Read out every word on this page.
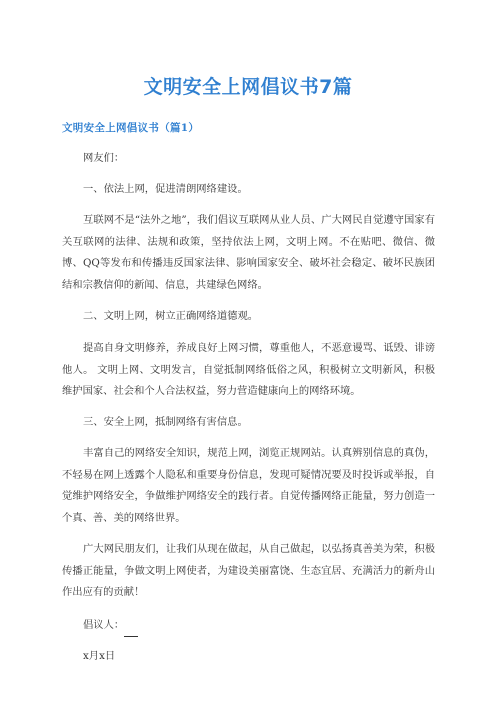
文明安全上网倡议书7篇
文明安全上网倡议书（篇1）

网友们：

一、依法上网，促进清朗网络建设。

互联网不是“法外之地”，我们倡议互联网从业人员、广大网民自觉遵守国家有关互联网的法律、法规和政策，坚持依法上网，文明上网。不在贴吧、微信、微博、QQ等发布和传播违反国家法律、影响国家安全、破坏社会稳定、破坏民族团结和宗教信仰的新闻、信息，共建绿色网络。

二、文明上网，树立正确网络道德观。

提高自身文明修养，养成良好上网习惯，尊重他人，不恶意谩骂、诋毁、诽谤他人。 文明上网、文明发言，自觉抵制网络低俗之风，积极树立文明新风，积极维护国家、社会和个人合法权益，努力营造健康向上的网络环境。

三、安全上网，抵制网络有害信息。

丰富自己的网络安全知识，规范上网，浏览正规网站。认真辨别信息的真伪，不轻易在网上透露个人隐私和重要身份信息，发现可疑情况要及时投诉或举报，自觉维护网络安全，争做维护网络安全的践行者。自觉传播网络正能量，努力创造一个真、善、美的网络世界。

广大网民朋友们，让我们从现在做起，从自己做起，以弘扬真善美为荣，积极传播正能量，争做文明上网使者，为建设美丽富饶、生态宜居、充满活力的新舟山作出应有的贡献！

倡议人：

x月x日
